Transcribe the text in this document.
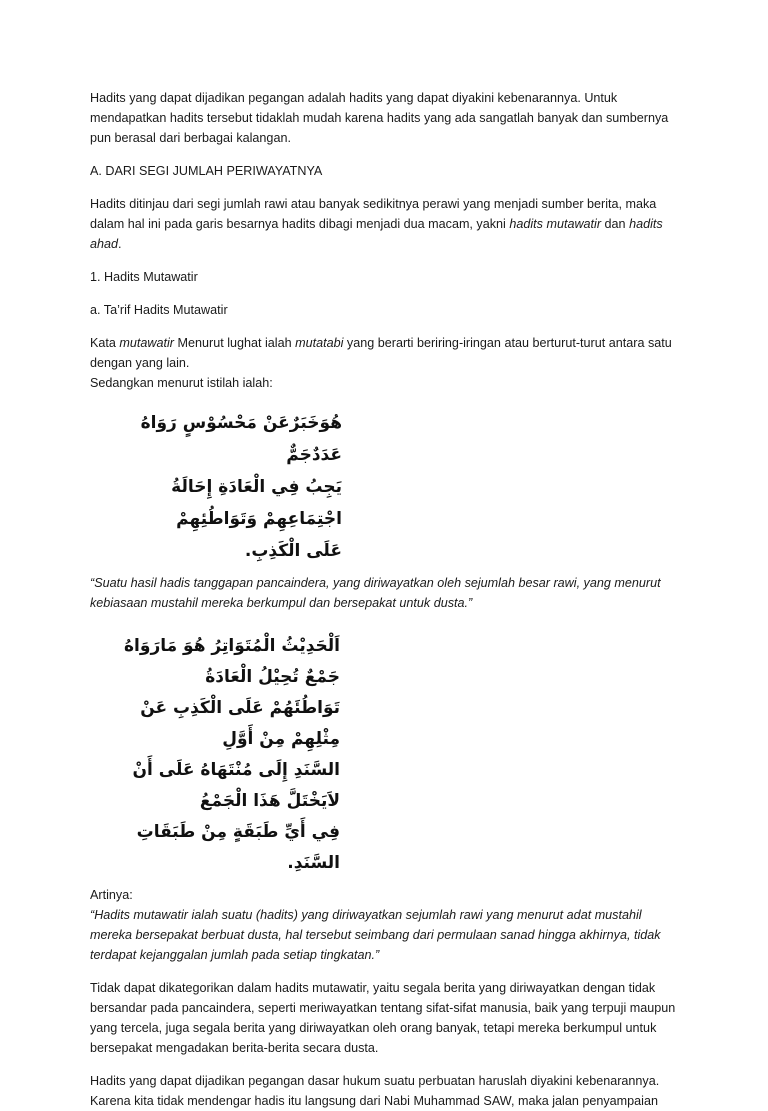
Hadits yang dapat dijadikan pegangan adalah hadits yang dapat diyakini kebenarannya. Untuk mendapatkan hadits tersebut tidaklah mudah karena hadits yang ada sangatlah banyak dan sumbernya pun berasal dari berbagai kalangan.

A. DARI SEGI JUMLAH PERIWAYATNYA

Hadits ditinjau dari segi jumlah rawi atau banyak sedikitnya perawi yang menjadi sumber berita, maka dalam hal ini pada garis besarnya hadits dibagi menjadi dua macam, yakni hadits mutawatir dan hadits ahad.

1. Hadits Mutawatir

a. Ta’rif Hadits Mutawatir

Kata mutawatir Menurut lughat ialah mutatabi yang berarti beriring-iringan atau berturut-turut antara satu dengan yang lain.

Sedangkan menurut istilah ialah:

هُوَخَبَرٌعَنْ مَحْسُوْسٍ رَوَاهُ عَدَدٌجَمٌّ
يَجِبُ فِي الْعَادَةِ إِحَالَةُ اجْتِمَاعِهِمْ وَتَوَاطُئِهِمْ
عَلَى الْكَذِبِ.

“Suatu hasil hadis tanggapan pancaindera, yang diriwayatkan oleh sejumlah besar rawi, yang menurut kebiasaan mustahil mereka berkumpul dan bersepakat untuk dusta.”

اَلْحَدِيْثُ الْمُتَوَاتِرُ هُوَ مَارَوَاهُ جَمْعٌ تُحِيْلُ الْعَادَةُ
تَوَاطُئَهُمْ عَلَى الْكَذِبِ عَنْ مِثْلِهِمْ مِنْ أَوَّلِ
السَّنَدِ إِلَى مُنْتَهَاهُ عَلَى أَنْ لاَيَخْتَلَّ هَذَا الْجَمْعُ
فِي أَيِّ طَبَقَةٍ مِنْ طَبَقَاتِ السَّنَدِ.

Artinya:

“Hadits mutawatir ialah suatu (hadits) yang diriwayatkan sejumlah rawi yang menurut adat mustahil mereka bersepakat berbuat dusta, hal tersebut seimbang dari permulaan sanad hingga akhirnya, tidak terdapat kejanggalan jumlah pada setiap tingkatan.”

Tidak dapat dikategorikan dalam hadits mutawatir, yaitu segala berita yang diriwayatkan dengan tidak bersandar pada pancaindera, seperti meriwayatkan tentang sifat-sifat manusia, baik yang terpuji maupun yang tercela, juga segala berita yang diriwayatkan oleh orang banyak, tetapi mereka berkumpul untuk bersepakat mengadakan berita-berita secara dusta.

Hadits yang dapat dijadikan pegangan dasar hukum suatu perbuatan haruslah diyakini kebenarannya. Karena kita tidak mendengar hadis itu langsung dari Nabi Muhammad SAW, maka jalan penyampaian
